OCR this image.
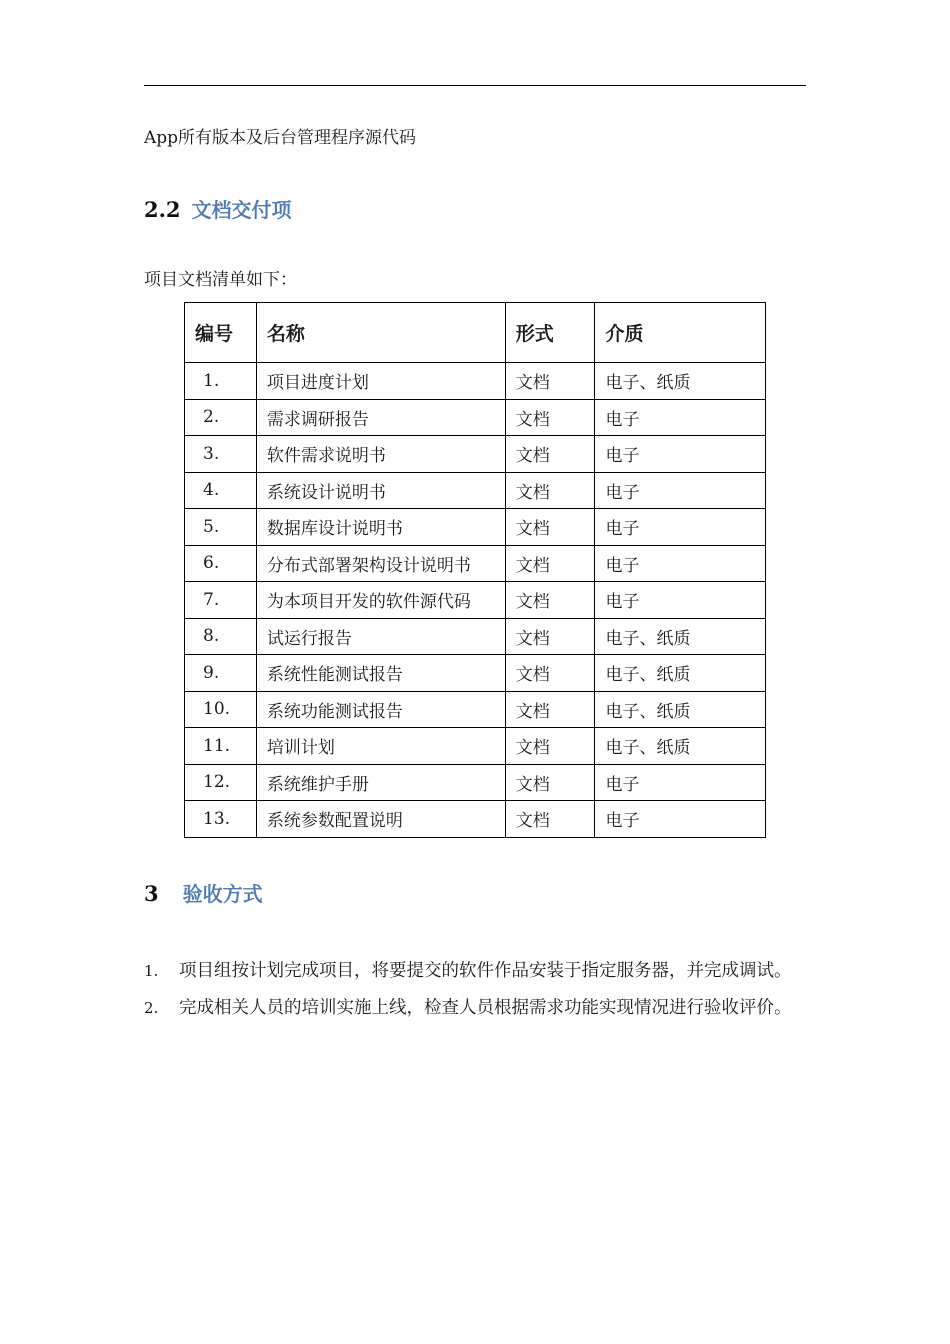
App所有版本及后台管理程序源代码
2.2 文档交付项
项目文档清单如下：
编号	名称	形式	介质
1.	项目进度计划	文档	电子、纸质
2.	需求调研报告	文档	电子
3.	软件需求说明书	文档	电子
4.	系统设计说明书	文档	电子
5.	数据库设计说明书	文档	电子
6.	分布式部署架构设计说明书	文档	电子
7.	为本项目开发的软件源代码	文档	电子
8.	试运行报告	文档	电子、纸质
9.	系统性能测试报告	文档	电子、纸质
10.	系统功能测试报告	文档	电子、纸质
11.	培训计划	文档	电子、纸质
12.	系统维护手册	文档	电子
13.	系统参数配置说明	文档	电子
3 验收方式
1. 项目组按计划完成项目，将要提交的软件作品安装于指定服务器，并完成调试。
2. 完成相关人员的培训实施上线，检查人员根据需求功能实现情况进行验收评价。
